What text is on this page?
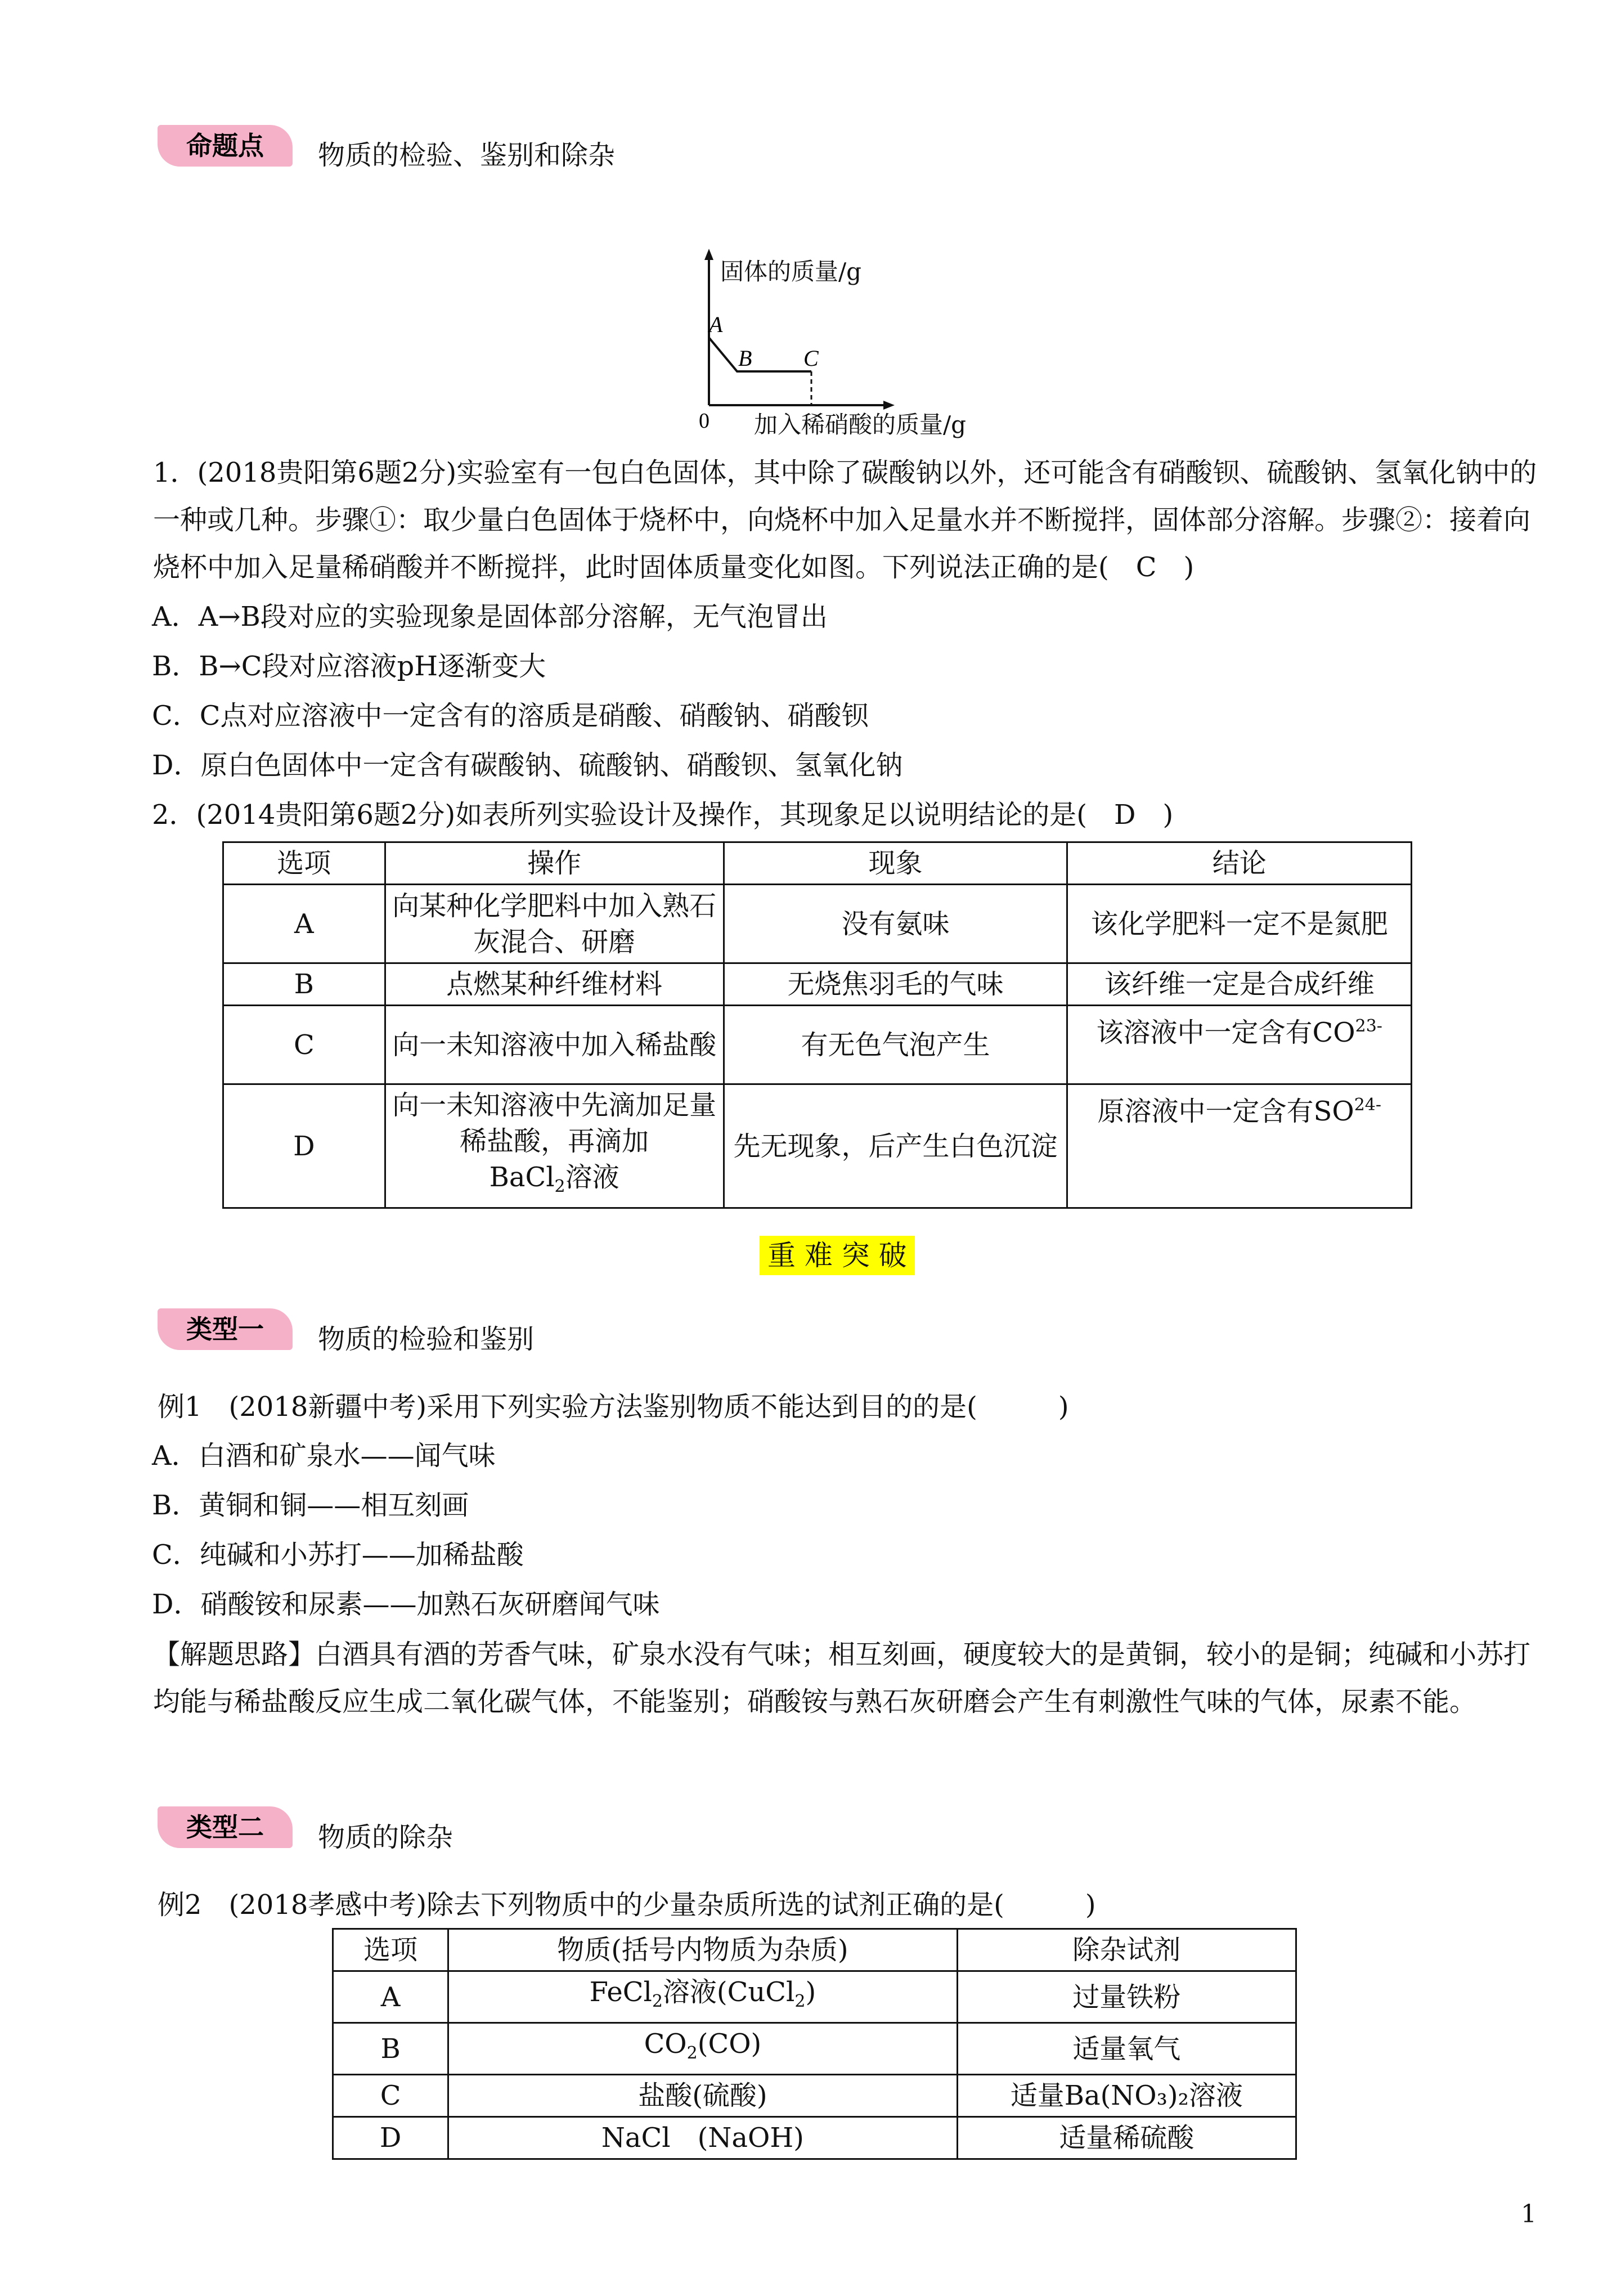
命题点	物质的检验、鉴别和除杂
A
B C
0
固体的质量/g
加入稀硝酸的质量/g
1．(2018贵阳第6题2分)实验室有一包白色固体，其中除了碳酸钠以外，还可能含有硝酸钡、硫酸钠、氢氧化钠中的一种或几种。步骤①：取少量白色固体于烧杯中，向烧杯中加入足量水并不断搅拌，固体部分溶解。步骤②：接着向烧杯中加入足量稀硝酸并不断搅拌，此时固体质量变化如图。下列说法正确的是(　C　)
A．A→B段对应的实验现象是固体部分溶解，无气泡冒出
B．B→C段对应溶液pH逐渐变大
C．C点对应溶液中一定含有的溶质是硝酸、硝酸钠、硝酸钡
D．原白色固体中一定含有碳酸钠、硫酸钠、硝酸钡、氢氧化钠
2．(2014贵阳第6题2分)如表所列实验设计及操作，其现象足以说明结论的是(　D　)
选项	操作	现象	结论
A	向某种化学肥料中加入熟石灰混合、研磨	没有氨味	该化学肥料一定不是氮肥
B	点燃某种纤维材料	无烧焦羽毛的气味	该纤维一定是合成纤维
C	向一未知溶液中加入稀盐酸	有无色气泡产生	该溶液中一定含有$CO^{23-}$
D	向一未知溶液中先滴加足量稀盐酸，再滴加
BaCl$_2$溶液	先无现象，后产生白色沉淀	原溶液中一定含有$SO^{24-}$
重 难 突 破
类型一	物质的检验和鉴别
例1　(2018新疆中考)采用下列实验方法鉴别物质不能达到目的的是(　　　)
A．白酒和矿泉水——闻气味
B．黄铜和铜——相互刻画
C．纯碱和小苏打——加稀盐酸
D．硝酸铵和尿素——加熟石灰研磨闻气味
【解题思路】白酒具有酒的芳香气味，矿泉水没有气味；相互刻画，硬度较大的是黄铜，较小的是铜；纯碱和小苏打均能与稀盐酸反应生成二氧化碳气体，不能鉴别；硝酸铵与熟石灰研磨会产生有刺激性气味的气体，尿素不能。
类型二	物质的除杂
例2　(2018孝感中考)除去下列物质中的少量杂质所选的试剂正确的是(　　　)
选项	物质(括号内物质为杂质)	除杂试剂
A	FeCl$_2$溶液(CuCl$_2$)	过量铁粉
B	$CO_2(CO)$	适量氧气
C	盐酸(硫酸)	适量Ba(NO₃)₂溶液
D	NaCl　(NaOH)	适量稀硫酸
1
